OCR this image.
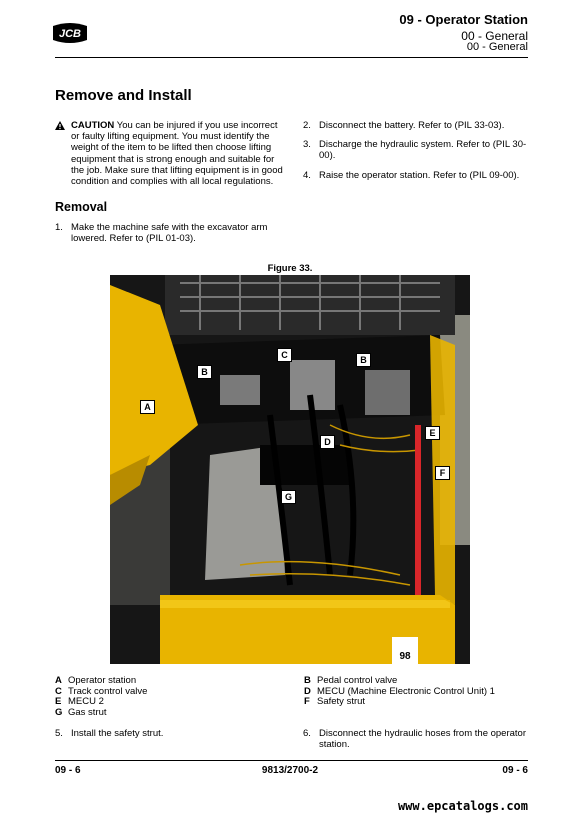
JCB
09 - Operator Station
00 - General
00 - General
Remove and Install
CAUTION You can be injured if you use incorrect or faulty lifting equipment. You must identify the weight of the item to be lifted then choose lifting equipment that is strong enough and suitable for the job. Make sure that lifting equipment is in good condition and complies with all local regulations.
Removal
1. Make the machine safe with the excavator arm lowered. Refer to (PIL 01-03).
2. Disconnect the battery. Refer to (PIL 33-03).
3. Discharge the hydraulic system. Refer to (PIL 30-00).
4. Raise the operator station. Refer to (PIL 09-00).
Figure 33.
98
A
B
B
C
D
E
F
G
A Operator station
C Track control valve
E MECU 2
G Gas strut
B Pedal control valve
D MECU (Machine Electronic Control Unit) 1
F Safety strut
5. Install the safety strut.	6. Disconnect the hydraulic hoses from the operator station.
09 - 6	9813/2700-2	09 - 6
www.epcatalogs.com
